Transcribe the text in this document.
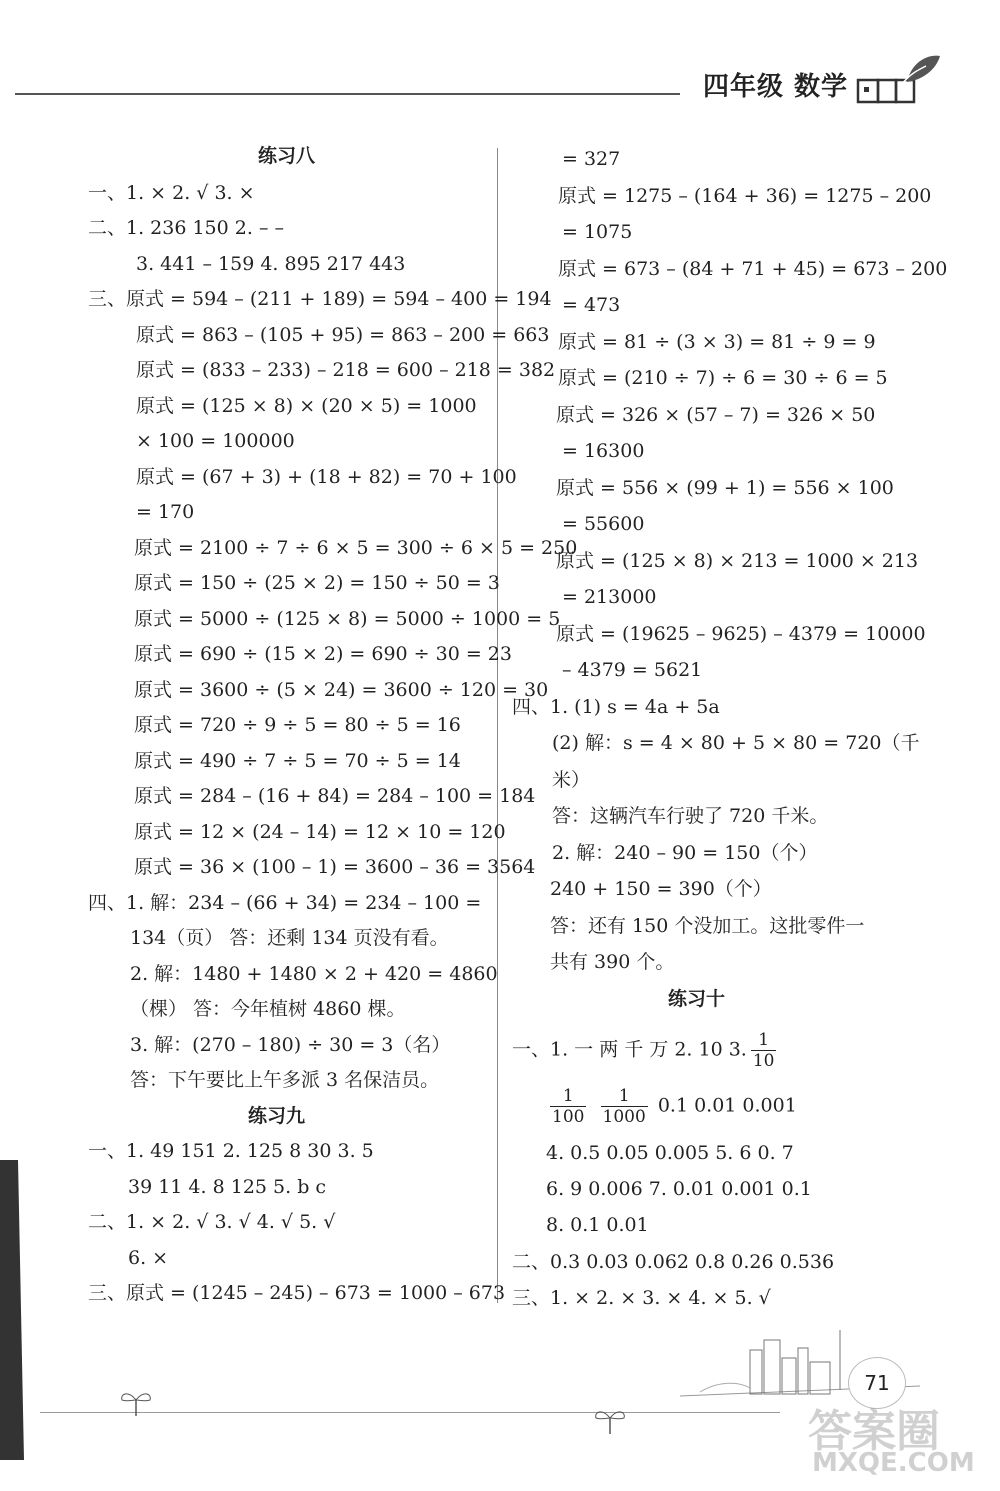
四年级 数学
练习八
一、1. × 2. √ 3. ×
二、1. 236 150 2. – –
3. 441 – 159 4. 895 217 443
三、原式 = 594 – (211 + 189) = 594 – 400 = 194
原式 = 863 – (105 + 95) = 863 – 200 = 663
原式 = (833 – 233) – 218 = 600 – 218 = 382
原式 = (125 × 8) × (20 × 5) = 1000
× 100 = 100000
原式 = (67 + 3) + (18 + 82) = 70 + 100
= 170
原式 = 2100 ÷ 7 ÷ 6 × 5 = 300 ÷ 6 × 5 = 250
原式 = 150 ÷ (25 × 2) = 150 ÷ 50 = 3
原式 = 5000 ÷ (125 × 8) = 5000 ÷ 1000 = 5
原式 = 690 ÷ (15 × 2) = 690 ÷ 30 = 23
原式 = 3600 ÷ (5 × 24) = 3600 ÷ 120 = 30
原式 = 720 ÷ 9 ÷ 5 = 80 ÷ 5 = 16
原式 = 490 ÷ 7 ÷ 5 = 70 ÷ 5 = 14
原式 = 284 – (16 + 84) = 284 – 100 = 184
原式 = 12 × (24 – 14) = 12 × 10 = 120
原式 = 36 × (100 – 1) = 3600 – 36 = 3564
四、1. 解：234 – (66 + 34) = 234 – 100 =
134（页） 答：还剩 134 页没有看。
2. 解：1480 + 1480 × 2 + 420 = 4860
（棵） 答：今年植树 4860 棵。
3. 解：(270 – 180) ÷ 30 = 3（名）
答：下午要比上午多派 3 名保洁员。
练习九
一、1. 49 151 2. 125 8 30 3. 5
39 11 4. 8 125 5. b c
二、1. × 2. √ 3. √ 4. √ 5. √
6. ×
三、原式 = (1245 – 245) – 673 = 1000 – 673
= 327
原式 = 1275 – (164 + 36) = 1275 – 200
= 1075
原式 = 673 – (84 + 71 + 45) = 673 – 200
= 473
原式 = 81 ÷ (3 × 3) = 81 ÷ 9 = 9
原式 = (210 ÷ 7) ÷ 6 = 30 ÷ 6 = 5
原式 = 326 × (57 – 7) = 326 × 50
= 16300
原式 = 556 × (99 + 1) = 556 × 100
= 55600
原式 = (125 × 8) × 213 = 1000 × 213
= 213000
原式 = (19625 – 9625) – 4379 = 10000
– 4379 = 5621
四、1. (1) s = 4a + 5a
(2) 解：s = 4 × 80 + 5 × 80 = 720（千
米）
答：这辆汽车行驶了 720 千米。
2. 解：240 – 90 = 150（个）
240 + 150 = 390（个）
答：还有 150 个没加工。这批零件一
共有 390 个。
练习十
一、1. 一 两 千 万 2. 10 3. $\frac{1}{10}$
$\frac{1}{100}$
$\frac{1}{1000} 0.1$ 0.01 0.001
4. 0.5 0.05 0.005 5. 6 0. 7
6. 9 0.006 7. 0.01 0.001 0.1
8. 0.1 0.01
二、0.3 0.03 0.062 0.8 0.26 0.536
三、1. × 2. × 3. × 4. × 5. √
71
答案圈
MXQE.COM
